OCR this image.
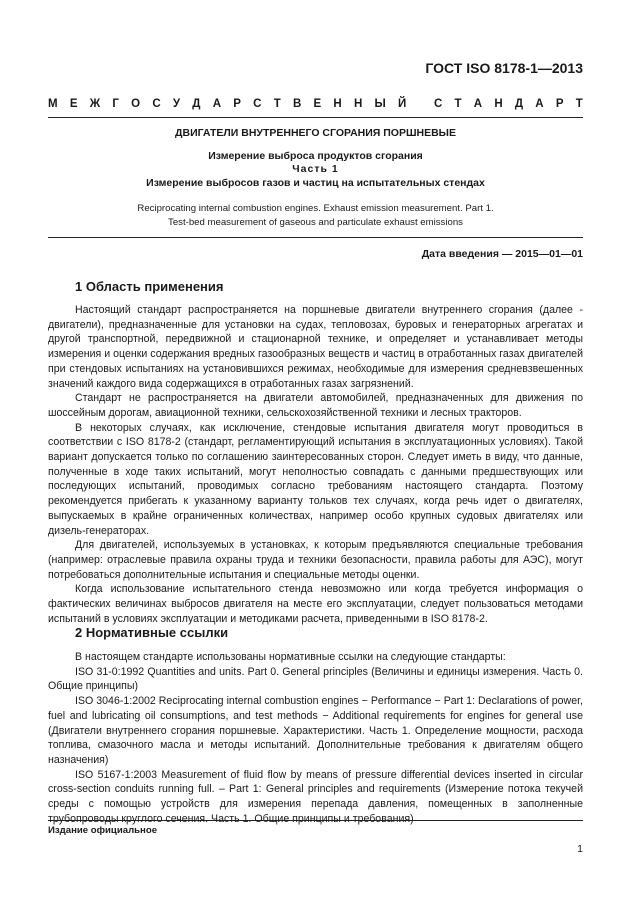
ГОСТ ISO 8178-1—2013
М Е Ж Г О С У Д А Р С Т В Е Н Н Ы Й
С Т А Н Д А Р Т
ДВИГАТЕЛИ ВНУТРЕННЕГО СГОРАНИЯ ПОРШНЕВЫЕ
Измерение выброса продуктов сгорания
Часть 1
Измерение выбросов газов и частиц на испытательных стендах
Reciprocating internal combustion engines. Exhaust emission measurement. Part 1.
Test-bed measurement of gaseous and particulate exhaust emissions
Дата введения — 2015—01—01
1 Область применения

Настоящий стандарт распространяется на поршневые двигатели внутреннего сгорания (далее - двигатели), предназначенные для установки на судах, тепловозах, буровых и генераторных агрегатах и другой транспортной, передвижной и стационарной технике, и определяет и устанавливает методы измерения и оценки содержания вредных газообразных веществ и частиц в отработанных газах двигателей при стендовых испытаниях на установившихся режимах, необходимые для измерения средневзвешенных значений каждого вида содержащихся в отработанных газах загрязнений.

Стандарт не распространяется на двигатели автомобилей, предназначенных для движения по шоссейным дорогам, авиационной техники, сельскохозяйственной техники и лесных тракторов.

В некоторых случаях, как исключение, стендовые испытания двигателя могут проводиться в соответствии с ISO 8178-2 (стандарт, регламентирующий испытания в эксплуатационных условиях). Такой вариант допускается только по соглашению заинтересованных сторон. Следует иметь в виду, что данные, полученные в ходе таких испытаний, могут неполностью совпадать с данными предшествующих или последующих испытаний, проводимых согласно требованиям настоящего стандарта. Поэтому рекомендуется прибегать к указанному варианту тольков тех случаях, когда речь идет о двигателях, выпускаемых в крайне ограниченных количествах, например особо крупных судовых двигателях или дизель-генераторах.

Для двигателей, используемых в установках, к которым предъявляются специальные требования (например: отраслевые правила охраны труда и техники безопасности, правила работы для АЭС), могут потребоваться дополнительные испытания и специальные методы оценки.

Когда использование испытательного стенда невозможно или когда требуется информация о фактических величинах выбросов двигателя на месте его эксплуатации, следует пользоваться методами испытаний в условиях эксплуатации и методиками расчета, приведенными в ISO 8178-2.

2 Нормативные ссылки

В настоящем стандарте использованы нормативные ссылки на следующие стандарты:

ISO 31-0:1992 Quantities and units. Part 0. General principles (Величины и единицы измерения. Часть 0. Общие принципы)

ISO 3046-1:2002 Reciprocating internal combustion engines − Performance − Part 1: Declarations of power, fuel and lubricating oil consumptions, and test methods − Additional requirements for engines for general use (Двигатели внутреннего сгорания поршневые. Характеристики. Часть 1. Определение мощности, расхода топлива, смазочного масла и методы испытаний. Дополнительные требования к двигателям общего назначения)

ISO 5167-1:2003 Measurement of fluid flow by means of pressure differential devices inserted in circular cross-section conduits running full. – Part 1: General principles and requirements (Измерение потока текучей среды с помощью устройств для измерения перепада давления, помещенных в заполненные трубопроводы круглого сечения. Часть 1. Общие принципы и требования)

Издание официальное
1
